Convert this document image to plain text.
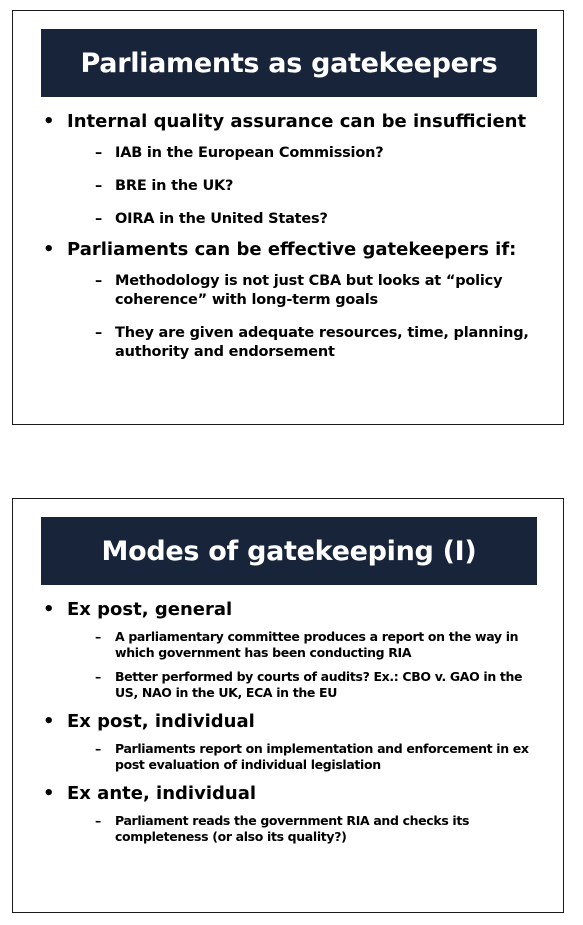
Parliaments as gatekeepers
• Internal quality assurance can be insufficient
– IAB in the European Commission?
– BRE in the UK?
– OIRA in the United States?
• Parliaments can be effective gatekeepers if:
– Methodology is not just CBA but looks at “policy coherence” with long-term goals
– They are given adequate resources, time, planning, authority and endorsement
Modes of gatekeeping (I)
• Ex post, general
– A parliamentary committee produces a report on the way in which government has been conducting RIA
– Better performed by courts of audits? Ex.: CBO v. GAO in the US, NAO in the UK, ECA in the EU
• Ex post, individual
– Parliaments report on implementation and enforcement in ex post evaluation of individual legislation
• Ex ante, individual
– Parliament reads the government RIA and checks its completeness (or also its quality?)
